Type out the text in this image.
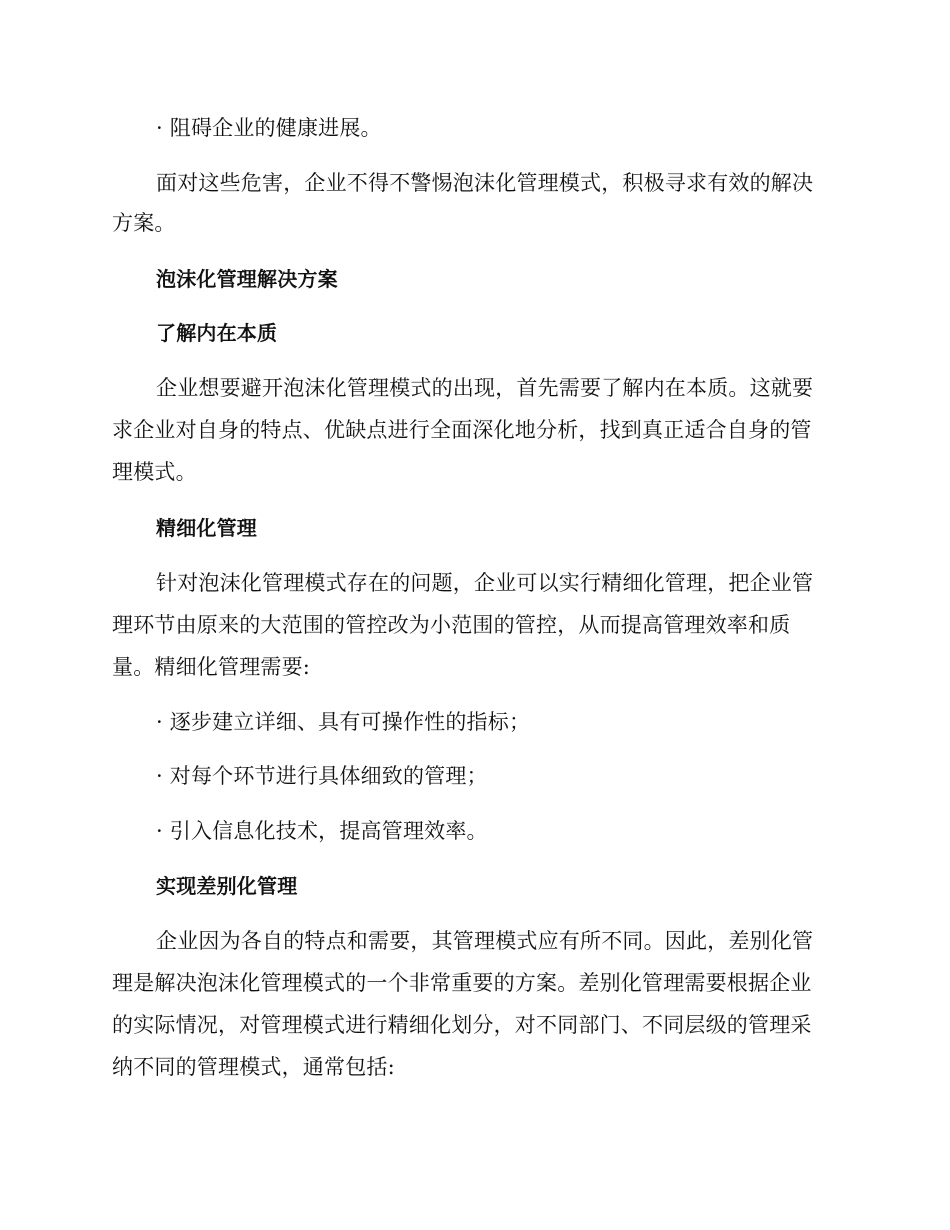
· 阻碍企业的健康进展。
面对这些危害，企业不得不警惕泡沫化管理模式，积极寻求有效的解决
方案。
泡沫化管理解决方案
了解内在本质
企业想要避开泡沫化管理模式的出现，首先需要了解内在本质。这就要
求企业对自身的特点、优缺点进行全面深化地分析，找到真正适合自身的管
理模式。
精细化管理
针对泡沫化管理模式存在的问题，企业可以实行精细化管理，把企业管
理环节由原来的大范围的管控改为小范围的管控，从而提高管理效率和质
量。精细化管理需要:
· 逐步建立详细、具有可操作性的指标；
· 对每个环节进行具体细致的管理；
· 引入信息化技术，提高管理效率。
实现差别化管理
企业因为各自的特点和需要，其管理模式应有所不同。因此，差别化管
理是解决泡沫化管理模式的一个非常重要的方案。差别化管理需要根据企业
的实际情况，对管理模式进行精细化划分，对不同部门、不同层级的管理采
纳不同的管理模式，通常包括:
